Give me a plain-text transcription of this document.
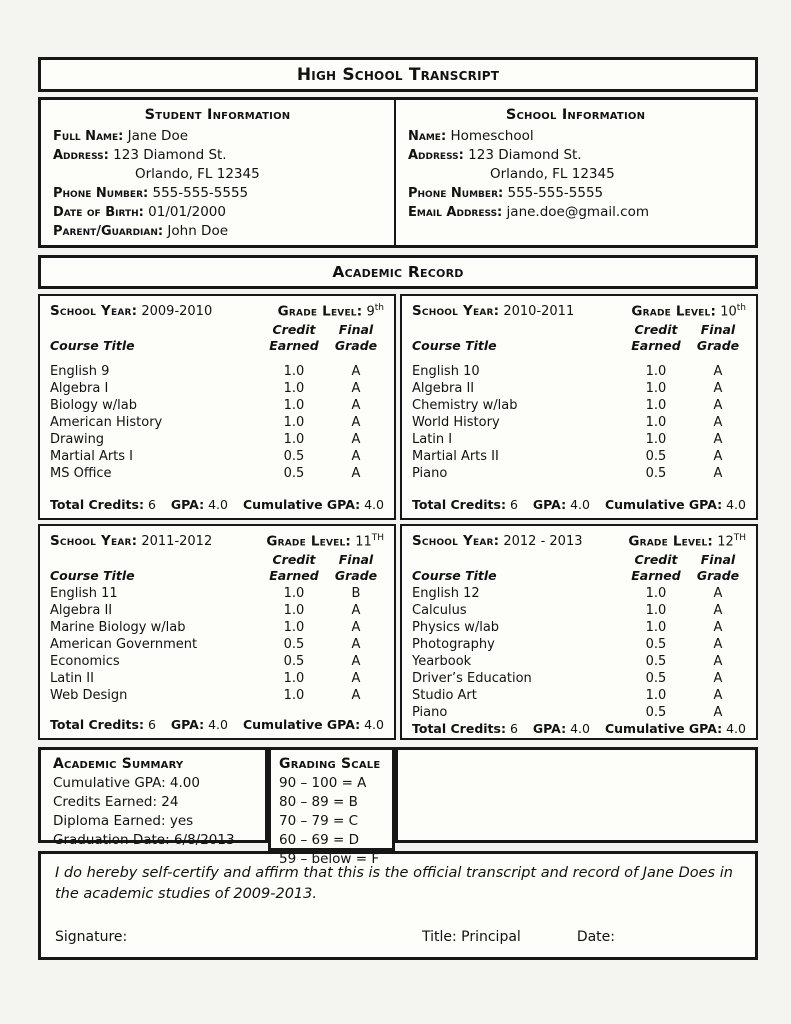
High School Transcript
Student Information
Full Name: Jane Doe
Address: 123 Diamond St.
Orlando, FL 12345
Phone Number: 555-555-5555
Date of Birth: 01/01/2000
Parent/Guardian: John Doe
School Information
Name: Homeschool
Address: 123 Diamond St.
Orlando, FL 12345
Phone Number: 555-555-5555
Email Address: jane.doe@gmail.com
Academic Record
School Year: 2009-2010	Grade Level: 9th
Credit	Final
Course Title	Earned	Grade
English 9	1.0	A
Algebra I	1.0	A
Biology w/lab	1.0	A
American History	1.0	A
Drawing	1.0	A
Martial Arts I	0.5	A
MS Office	0.5	A
Total Credits: 6 GPA: 4.0 Cumulative GPA: 4.0
School Year: 2010-2011	Grade Level: 10th
Credit	Final
Course Title	Earned	Grade
English 10	1.0	A
Algebra II	1.0	A
Chemistry w/lab	1.0	A
World History	1.0	A
Latin I	1.0	A
Martial Arts II	0.5	A
Piano	0.5	A
Total Credits: 6 GPA: 4.0 Cumulative GPA: 4.0
School Year: 2011-2012	Grade Level: 11TH
Credit	Final
Course Title	Earned	Grade
English 11	1.0	B
Algebra II	1.0	A
Marine Biology w/lab	1.0	A
American Government	0.5	A
Economics	0.5	A
Latin II	1.0	A
Web Design	1.0	A
Total Credits: 6 GPA: 4.0 Cumulative GPA: 4.0
School Year: 2012 - 2013	Grade Level: 12TH
Credit	Final
Course Title	Earned	Grade
English 12	1.0	A
Calculus	1.0	A
Physics w/lab	1.0	A
Photography	0.5	A
Yearbook	0.5	A
Driver’s Education	0.5	A
Studio Art	1.0	A
Piano	0.5	A
Total Credits: 6 GPA: 4.0 Cumulative GPA: 4.0
Academic Summary
Cumulative GPA: 4.00
Credits Earned: 24
Diploma Earned: yes
Graduation Date: 6/8/2013
Grading Scale
90 – 100 = A
80 – 89 = B
70 – 79 = C
60 – 69 = D
59 – below = F
I do hereby self-certify and affirm that this is the official transcript and record of Jane Does in the academic studies of 2009-2013.
Signature:	Title: Principal	Date:
